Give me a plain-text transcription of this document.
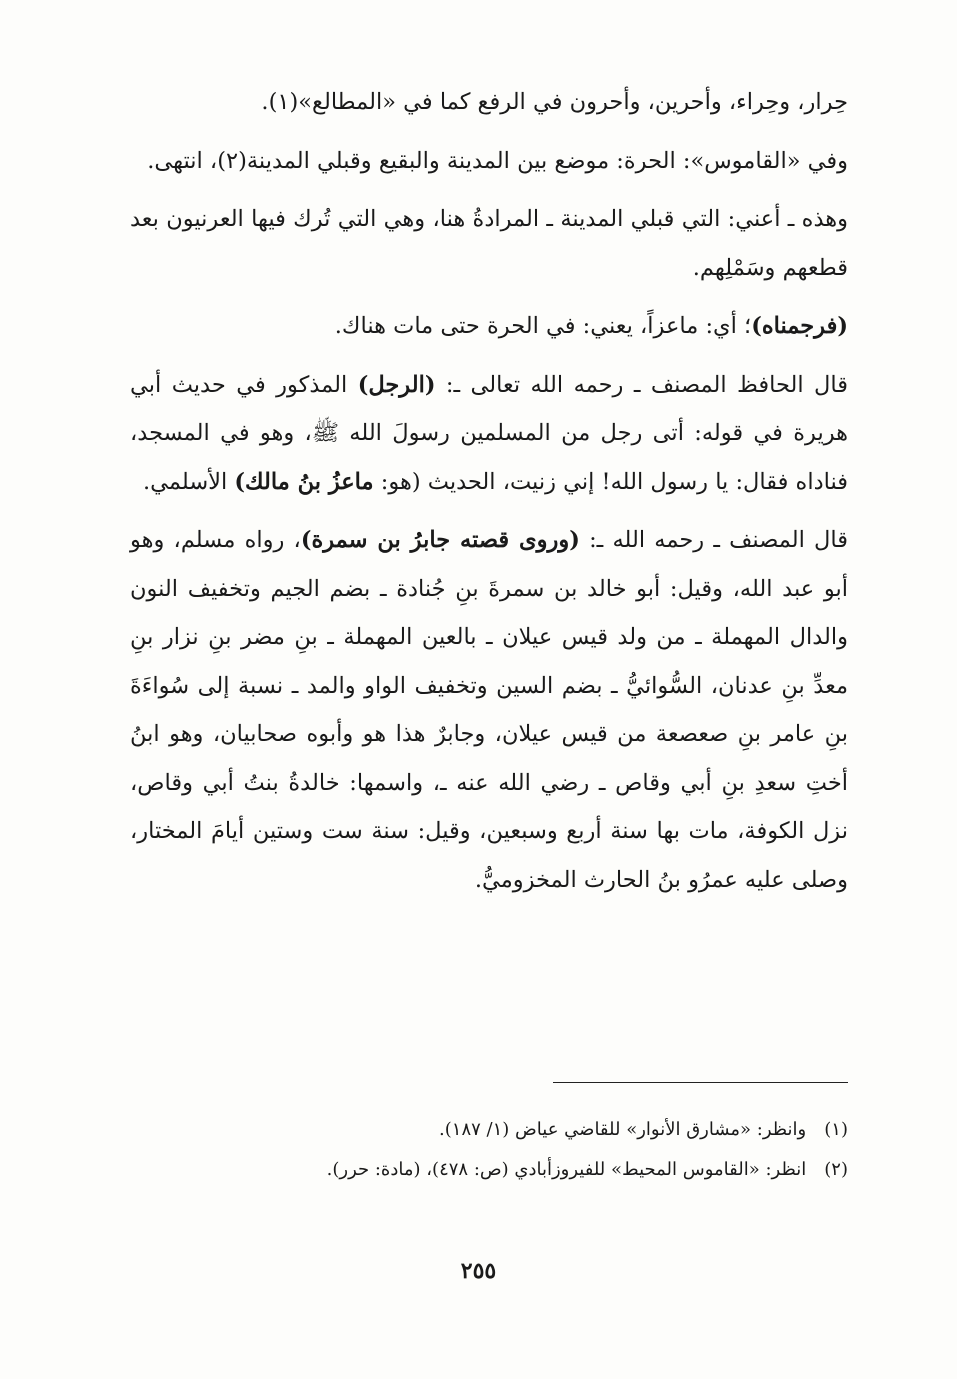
حِرار، وحِراء، وأحرين، وأحرون في الرفع كما في «المطالع»(١).

وفي «القاموس»: الحرة: موضع بين المدينة والبقيع وقبلي المدينة(٢)، انتهى.

وهذه ـ أعني: التي قبلي المدينة ـ المرادةُ هنا، وهي التي تُرك فيها العرنيون بعد قطعهم وسَمْلِهم.

(فرجمناه)؛ أي: ماعزاً، يعني: في الحرة حتى مات هناك.

قال الحافظ المصنف ـ رحمه الله تعالى ـ: (الرجل) المذكور في حديث أبي هريرة في قوله: أتى رجل من المسلمين رسولَ الله ﷺ، وهو في المسجد، فناداه فقال: يا رسول الله! إني زنيت، الحديث (هو: ماعزُ بنُ مالك) الأسلمي.

قال المصنف ـ رحمه الله ـ: (وروى قصته جابرُ بن سمرة)، رواه مسلم، وهو أبو عبد الله، وقيل: أبو خالد بن سمرةَ بنِ جُنادة ـ بضم الجيم وتخفيف النون والدال المهملة ـ من ولد قيس عيلان ـ بالعين المهملة ـ بنِ مضر بنِ نزار بنِ معدِّ بنِ عدنان، السُّوائيُّ ـ بضم السين وتخفيف الواو والمد ـ نسبة إلى سُواءَةَ بنِ عامر بنِ صعصعة من قيس عيلان، وجابرٌ هذا هو وأبوه صحابيان، وهو ابنُ أختِ سعدِ بنِ أبي وقاص ـ رضي الله عنه ـ، واسمها: خالدةُ بنتُ أبي وقاص، نزل الكوفة، مات بها سنة أربع وسبعين، وقيل: سنة ست وستين أيامَ المختار، وصلى عليه عمرُو بنُ الحارث المخزوميُّ.

(١)وانظر: «مشارق الأنوار» للقاضي عياض (١/ ١٨٧).

(٢)انظر: «القاموس المحيط» للفيروزأبادي (ص: ٤٧٨)، (مادة: حرر).

٢٥٥
